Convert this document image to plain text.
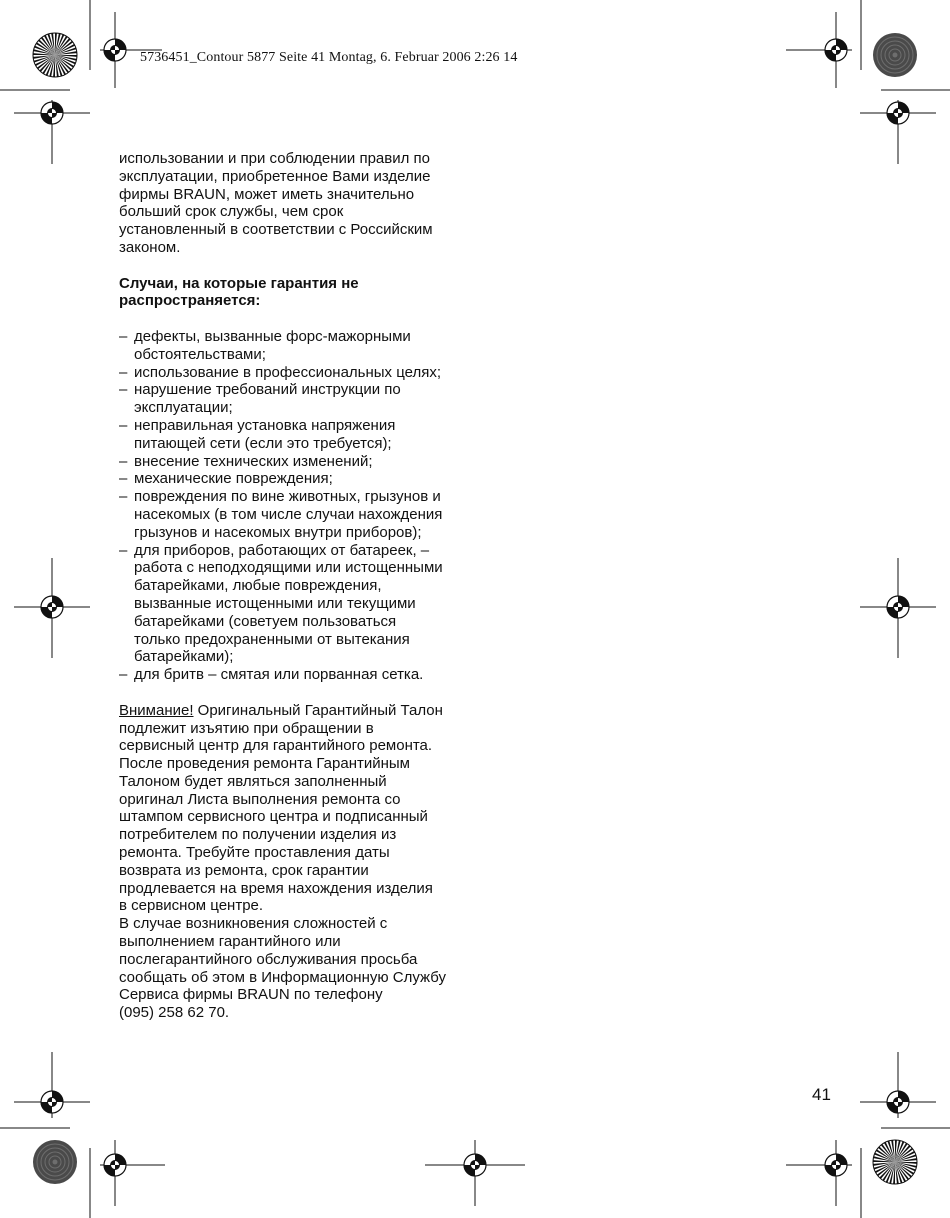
5736451_Contour 5877 Seite 41 Montag, 6. Februar 2006 2:26 14

использовании и при соблюдении правил по

эксплуатации, приобретенное Вами изделие

фирмы BRAUN, может иметь значительно

больший срок службы, чем срок

установленный в соответствии с Российским

законом.

Случаи, на которые гарантия не

распространяется:

– дефекты, вызванные форс-мажорными

обстоятельствами;

– использование в профессиональных целях;

– нарушение требований инструкции по

эксплуатации;

– неправильная установка напряжения

питающей сети (если это требуется);

– внесение технических изменений;

– механические повреждения;

– повреждения по вине животных, грызунов и

насекомых (в том числе случаи нахождения

грызунов и насекомых внутри приборов);

– для приборов, работающих от батареек, –

работа с неподходящими или истощенными

батарейками, любые повреждения,

вызванные истощенными или текущими

батарейками (советуем пользоваться

только предохраненными от вытекания

батарейками);

– для бритв – смятая или порванная сетка.

Внимание! Оригинальный Гарантийный Талон

подлежит изъятию при обращении в

сервисный центр для гарантийного ремонта.

После проведения ремонта Гарантийным

Талоном будет являться заполненный

оригинал Листа выполнения ремонта со

штампом сервисного центра и подписанный

потребителем по получении изделия из

ремонта. Требуйте проставления даты

возврата из ремонта, срок гарантии

продлевается на время нахождения изделия

в сервисном центре.

В случае возникновения сложностей с

выполнением гарантийного или

послегарантийного обслуживания просьба

сообщать об этом в Информационную Службу

Сервиса фирмы BRAUN по телефону

(095) 258 62 70.

41
